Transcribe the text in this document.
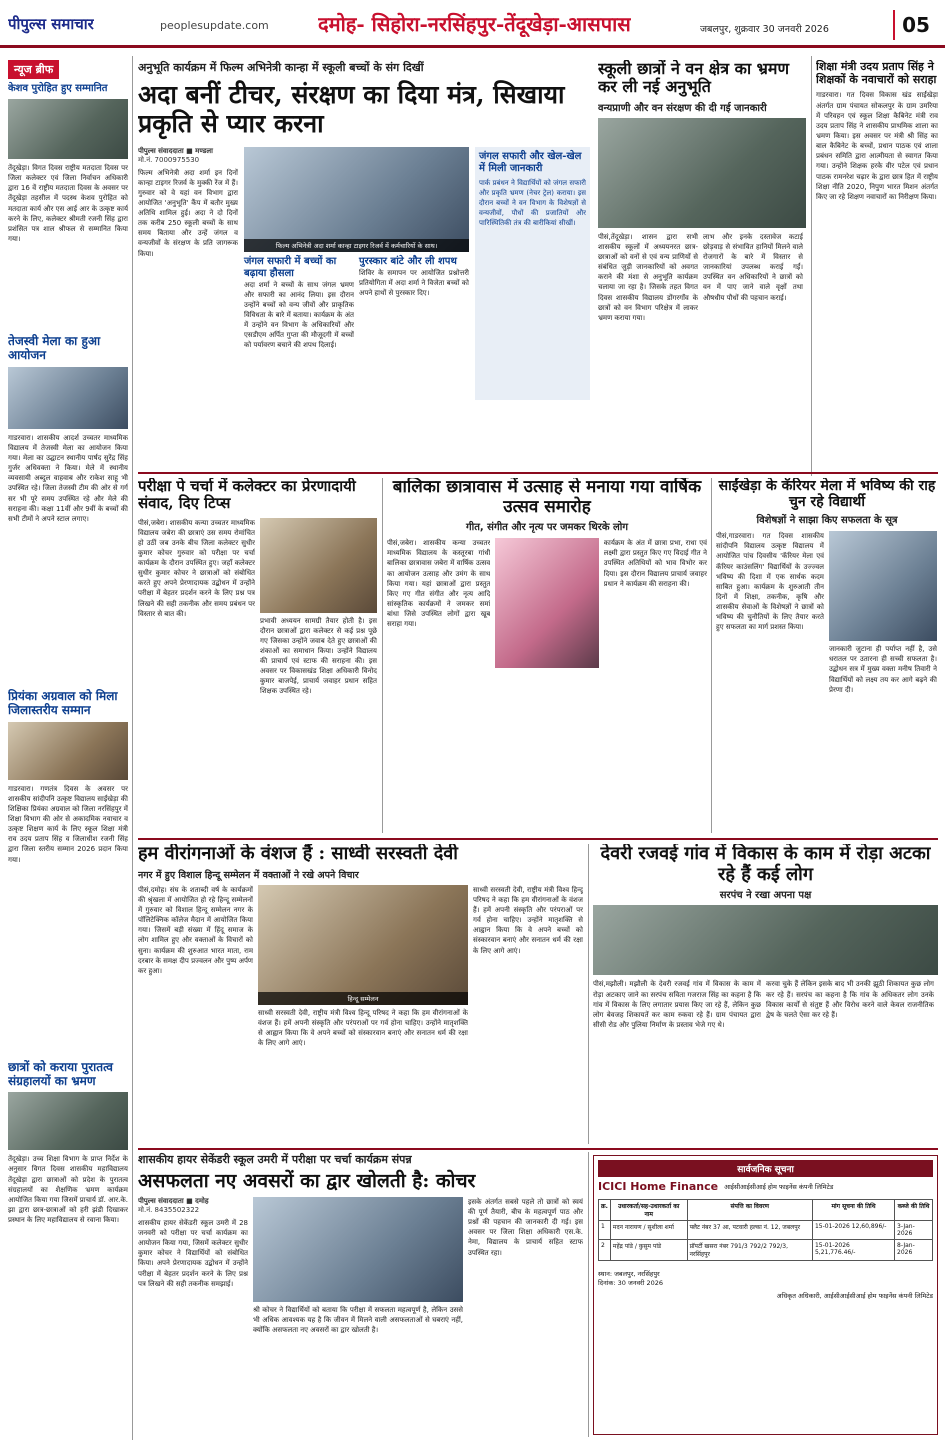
पीपुल्स समाचार	peoplesupdate.com दमोह- सिहोरा-नरसिंहपुर-तेंदूखेड़ा-आसपास	जबलपुर, शुक्रवार 30 जनवरी 2026	05
न्यूज ब्रीफ
केशव पुरोहित हुए सम्मानित
तेंदूखेड़ा। विगत दिवस राष्ट्रीय मतदाता दिवस पर जिला कलेक्टर एवं जिला निर्वाचन अधिकारी द्वारा 16 वें राष्ट्रीय मतदाता दिवस के अवसर पर तेंदूखेड़ा तहसील में पदस्थ केशव पुरोहित को मतदाता कार्य और एस आई आर के उत्कृष्ट कार्य करने के लिए, कलेक्टर श्रीमती रजनी सिंह द्वारा प्रशंसित पत्र शाल श्रीफल से सम्मानित किया गया।
तेजस्वी मेला का हुआ आयोजन
गाडरवारा। शासकीय आदर्श उच्चतर माध्यमिक विद्यालय में तेजस्वी मेला का आयोजन किया गया। मेला का उद्घाटन स्थानीय पार्षद सुरेंद्र सिंह गुर्जर अधिवक्ता ने किया। मेले में स्थानीय व्यवसायी अब्दुल वाहवाब और राकेश साहू भी उपस्थित रहे। जिला तेजस्वी टीम की ओर से गर्ग सर भी पूरे समय उपस्थित रहे और मेले की सराहना की। कक्षा 11वीं और 9वीं के बच्चों की सभी टीमों ने अपने स्टाल लगाए।
प्रियंका अग्रवाल को मिला जिलास्तरीय सम्मान
गाडरवारा। गणतंत्र दिवस के अवसर पर शासकीय सांदीपनि उत्कृष्ट विद्यालय साईंखेड़ा की शिक्षिका प्रियंका अग्रवाल को जिला नरसिंहपुर में शिक्षा विभाग की ओर से अकादमिक नवाचार व उत्कृष्ट शिक्षण कार्य के लिए स्कूल शिक्षा मंत्री राव उदय प्रताप सिंह व जिलाधीश रजनी सिंह द्वारा जिला स्तरीय सम्मान 2026 प्रदान किया गया।
छात्रों को कराया पुरातत्व संग्रहालयों का भ्रमण
तेंदूखेड़ा। उच्च शिक्षा विभाग के प्राप्त निर्देश के अनुसार विगत दिवस शासकीय महाविद्यालय तेंदूखेड़ा द्वारा छात्राओं को प्रदेश के पुरातत्व संग्रहालयों का शैक्षणिक भ्रमण कार्यक्रम आयोजित किया गया जिसमें प्राचार्य डॉ. आर.के. झा द्वारा छात्र-छात्राओं को हरी झंडी दिखाकर प्रस्थान के लिए महाविद्यालय से रवाना किया।
अनुभूति कार्यक्रम में फिल्म अभिनेत्री कान्हा में स्कूली बच्चों के संग दिखीं
अदा बनीं टीचर, संरक्षण का दिया मंत्र, सिखाया प्रकृति से प्यार करना
पीपुल्स संवाददाता ■ मण्डला
मो.नं. 7000975530
फिल्म अभिनेत्री अदा शर्मा इन दिनों कान्हा टाइगर रिजर्व के मुक्की रेंज में हैं। गुरुवार को वे यहां वन विभाग द्वारा आयोजित 'अनुभूति' कैंप में बतौर मुख्य अतिथि शामिल हुई। अदा ने दो दिनों तक करीब 250 स्कूली बच्चों के साथ समय बिताया और उन्हें जंगल व वन्यजीवों के संरक्षण के प्रति जागरूक किया।
फिल्म अभिनेत्री अदा शर्मा कान्हा टाइगर रिजर्व में कर्मचारियों के साथ।
जंगल सफारी में बच्चों का बढ़ाया हौसला
अदा शर्मा ने बच्चों के साथ जंगल भ्रमण और सफारी का आनंद लिया। इस दौरान उन्होंने बच्चों को वन्य जीवों और प्राकृतिक विविधता के बारे में बताया। कार्यक्रम के अंत में उन्होंने वन विभाग के अधिकारियों और एसडीएम अर्पित गुप्ता की मौजूदगी में बच्चों को पर्यावरण बचाने की शपथ दिलाई।
पुरस्कार बांटे और ली शपथ
शिविर के समापन पर आयोजित प्रश्नोत्तरी प्रतियोगिता में अदा शर्मा ने विजेता बच्चों को अपने हाथों से पुरस्कार दिए।
जंगल सफारी और खेल-खेल में मिली जानकारी
पार्क प्रबंधन ने विद्यार्थियों को जंगल सफारी और प्रकृति भ्रमण (नेचर ट्रेल) कराया। इस दौरान बच्चों ने वन विभाग के विशेषज्ञों से वन्यजीवों, पौधों की प्रजातियों और पारिस्थितिकी तंत्र की बारीकियां सीखीं।
स्कूली छात्रों ने वन क्षेत्र का भ्रमण कर ली नई अनुभूति
वन्यप्राणी और वन संरक्षण की दी गई जानकारी
पीसं,तेंदूखेड़ा। शासन द्वारा सभी शासकीय स्कूलों में अध्ययनरत छात्र-छात्राओं को वनों से एवं वन्य प्राणियों से संबंधित जुड़ी जानकारियों को अवगत कराने की मंशा से अनुभूति कार्यक्रम चलाया जा रहा है। जिसके तहत विगत दिवस शासकीय विद्यालय डोंगरगाँव के छात्रों को वन विभाग परिक्षेत्र में लाकर भ्रमण कराया गया।
लाभ और इनके दस्तावेज कटाई छोड़वाड़ से संभावित हानियों मिलने वाले रोजगारों के बारे में विस्तार से जानकारियां उपलब्ध कराई गईं। उपस्थित वन अधिकारियों ने छात्रों को वन में पाए जाने वाले वृक्षों तथा औषधीय पौधों की पहचान कराई।
शिक्षा मंत्री उदय प्रताप सिंह ने शिक्षकों के नवाचारों को सराहा
गाडरवारा। गत दिवस विकास खंड साईंखेड़ा अंतर्गत ग्राम पंचायत सोकलपुर के ग्राम उमरिया में परिवहन एवं स्कूल शिक्षा कैबिनेट मंत्री राव उदय प्रताप सिंह ने शासकीय प्राथमिक शाला का भ्रमण किया। इस अवसर पर मंत्री श्री सिंह का बाल कैबिनेट के बच्चों, प्रधान पाठक एवं शाला प्रबंधन समिति द्वारा आत्मीयता से स्वागत किया गया। उन्होंने शिक्षक हरके वीर पटेल एवं प्रधान पाठक रामनरेश चढ़ार के द्वारा छात्र हित में राष्ट्रीय शिक्षा नीति 2020, निपुण भारत मिशन अंतर्गत किए जा रहे शिक्षण नवाचारों का निरीक्षण किया।
परीक्षा पे चर्चा में कलेक्टर का प्रेरणादायी संवाद, दिए टिप्स
पीसं,जबेरा। शासकीय कन्या उच्चतर माध्यमिक विद्यालय जबेरा की छात्राएं उस समय रोमांचित हो उठीं जब उनके बीच जिला कलेक्टर सुधीर कुमार कोचर गुरुवार को परीक्षा पर चर्चा कार्यक्रम के दौरान उपस्थित हुए। जहाँ कलेक्टर सुधीर कुमार कोचर ने छात्राओं को संबोधित करते हुए अपने प्रेरणादायक उद्बोधन में उन्होंने परीक्षा में बेहतर प्रदर्शन करने के लिए प्रश्न पत्र लिखने की सही तकनीक और समय प्रबंधन पर विस्तार से बात की।
प्रभावी अध्ययन सामग्री तैयार होती है। इस दौरान छात्राओं द्वारा कलेक्टर से कई प्रश्न पूछे गए जिसका उन्होंने जवाब देते हुए छात्राओं की शंकाओं का समाधान किया। उन्होंने विद्यालय की प्राचार्य एवं स्टाफ की सराहना की। इस अवसर पर विकासखंड शिक्षा अधिकारी विनोद कुमार बाजपेई, प्राचार्य जवाहर प्रधान सहित शिक्षक उपस्थित रहे।
बालिका छात्रावास में उत्साह से मनाया गया वार्षिक उत्सव समारोह
गीत, संगीत और नृत्य पर जमकर थिरके लोग
पीसं,जबेरा। शासकीय कन्या उच्चतर माध्यमिक विद्यालय के कस्तूरबा गांधी बालिका छात्रावास जबेरा में वार्षिक उत्सव का आयोजन उत्साह और उमंग के साथ किया गया। यहां छात्राओं द्वारा प्रस्तुत किए गए गीत संगीत और नृत्य आदि सांस्कृतिक कार्यक्रमों ने जमकर समां बांधा जिसे उपस्थित लोगों द्वारा खूब सराहा गया।
कार्यक्रम के अंत में छात्रा प्रभा, राधा एवं लक्ष्मी द्वारा प्रस्तुत किए गए विदाई गीत ने उपस्थित अतिथियों को भाव विभोर कर दिया। इस दौरान विद्यालय प्राचार्य जवाहर प्रधान ने कार्यक्रम की सराहना की।
साईंखेड़ा के कॅरियर मेला में भविष्य की राह चुन रहे विद्यार्थी
विशेषज्ञों ने साझा किए सफलता के सूत्र
पीसं,गाडरवारा। गत दिवस शासकीय सांदीपनि विद्यालय उत्कृष्ट विद्यालय में आयोजित पांच दिवसीय 'कॅरियर मेला एवं कॅरियर काउंसलिंग' विद्यार्थियों के उज्ज्वल भविष्य की दिशा में एक सार्थक कदम साबित हुआ। कार्यक्रम के शुरुआती तीन दिनों में शिक्षा, तकनीक, कृषि और शासकीय सेवाओं के विशेषज्ञों ने छात्रों को भविष्य की चुनौतियों के लिए तैयार करते हुए सफलता का मार्ग प्रशस्त किया।
जानकारी जुटाना ही पर्याप्त नहीं है, उसे धरातल पर उतारना ही सच्ची सफलता है। उद्बोधन सत्र में मुख्य वक्ता मनीष तिवारी ने विद्यार्थियों को लक्ष्य तय कर आगे बढ़ने की प्रेरणा दी।
हम वीरांगनाओं के वंशज हैं : साध्वी सरस्वती देवी
नगर में हुए विशाल हिन्दू सम्मेलन में वक्ताओं ने रखे अपने विचार
पीसं,दमोह। संघ के शताब्दी वर्ष के कार्यक्रमों की श्रृंखला में आयोजित हो रहे हिन्दू सम्मेलनों में गुरुवार को विशाल हिन्दू सम्मेलन नगर के पॉलिटेक्निक कॉलेज मैदान में आयोजित किया गया। जिसमें बड़ी संख्या में हिंदू समाज के लोग शामिल हुए और वक्ताओं के विचारों को सुना। कार्यक्रम की शुरुआत भारत माता, राम दरबार के समक्ष दीप प्रज्वलन और पुष्प अर्पण कर हुआ।
हिन्दू सम्मेलन
साध्वी सरस्वती देवी, राष्ट्रीय मंत्री विश्व हिन्दू परिषद ने कहा कि हम वीरांगनाओं के वंशज हैं। हमें अपनी संस्कृति और परंपराओं पर गर्व होना चाहिए। उन्होंने मातृशक्ति से आह्वान किया कि वे अपने बच्चों को संस्कारवान बनाएं और सनातन धर्म की रक्षा के लिए आगे आएं।
साध्वी सरस्वती देवी, राष्ट्रीय मंत्री विश्व हिन्दू परिषद ने कहा कि हम वीरांगनाओं के वंशज हैं। हमें अपनी संस्कृति और परंपराओं पर गर्व होना चाहिए। उन्होंने मातृशक्ति से आह्वान किया कि वे अपने बच्चों को संस्कारवान बनाएं और सनातन धर्म की रक्षा के लिए आगे आएं।
देवरी रजवई गांव में विकास के काम में रोड़ा अटका रहे हैं कई लोग
सरपंच ने रखा अपना पक्ष
पीसं,मझौली। मझौली के देवरी रजवई गांव में विकास के काम में रोड़ा अटकाए जाने का सरपंच सविता गजराज सिंह का कहना है कि गांव में विकास के लिए लगातार प्रयास किए जा रहे हैं, लेकिन कुछ लोग बेवजह शिकायतें कर काम रुकवा रहे हैं। ग्राम पंचायत द्वारा सीसी रोड और पुलिया निर्माण के प्रस्ताव भेजे गए थे।
करवा चुके हैं लेकिन इसके बाद भी उनकी झूठी शिकायत कुछ लोग कर रहे हैं। सरपंच का कहना है कि गांव के अधिकतर लोग उनके विकास कार्यों से संतुष्ट हैं और विरोध करने वाले केवल राजनीतिक द्वेष के चलते ऐसा कर रहे हैं।
शासकीय हायर सेकेंडरी स्कूल उमरी में परीक्षा पर चर्चा कार्यक्रम संपन्न
असफलता नए अवसरों का द्वार खोलती है: कोचर
पीपुल्स संवाददाता ■ दमोह
मो.नं. 8435502322
शासकीय हायर सेकेंडरी स्कूल उमरी में 28 जनवरी को परीक्षा पर चर्चा कार्यक्रम का आयोजन किया गया, जिसमें कलेक्टर सुधीर कुमार कोचर ने विद्यार्थियों को संबोधित किया। अपने प्रेरणादायक उद्बोधन में उन्होंने परीक्षा में बेहतर प्रदर्शन करने के लिए प्रश्न पत्र लिखने की सही तकनीक समझाई।
श्री कोचर ने विद्यार्थियों को बताया कि परीक्षा में सफलता महत्वपूर्ण है, लेकिन उससे भी अधिक आवश्यक यह है कि जीवन में मिलने वाली असफलताओं से घबराएं नहीं, क्योंकि असफलता नए अवसरों का द्वार खोलती है।
इसके अंतर्गत सबसे पहले तो छात्रों को स्वयं की पूर्ण तैयारी, बीच के महत्वपूर्ण पाठ और प्रश्नों की पहचान की जानकारी दी गई। इस अवसर पर जिला शिक्षा अधिकारी एस.के. नेमा, विद्यालय के प्राचार्य सहित स्टाफ उपस्थित रहा।
सार्वजनिक सूचना
ICICI Home Finance आईसीआईसीआई होम फाइनेंस कंपनी लिमिटेड
क्र.	उधारकर्ता/सह-उधारकर्ता का नाम	संपत्ति का विवरण	मांग सूचना की तिथि	कब्जे की तिथि
1	मदन नारायण / सुशीला शर्मा	फ्लैट नंबर 37 आ, पटवारी हल्का नं. 12, जबलपुर	15-01-2026 12,60,896/-	3-Jan-2026
2	महेंद्र पांडे / कुसुम पांडे	प्रॉपर्टी खसरा नंबर 791/3 792/2 792/3, नरसिंहपुर	15-01-2026 5,21,776.46/-	8-Jan-2026
स्थान: जबलपुर, नरसिंहपुर
दिनांक: 30 जनवरी 2026
अधिकृत अधिकारी, आईसीआईसीआई होम फाइनेंस कंपनी लिमिटेड
